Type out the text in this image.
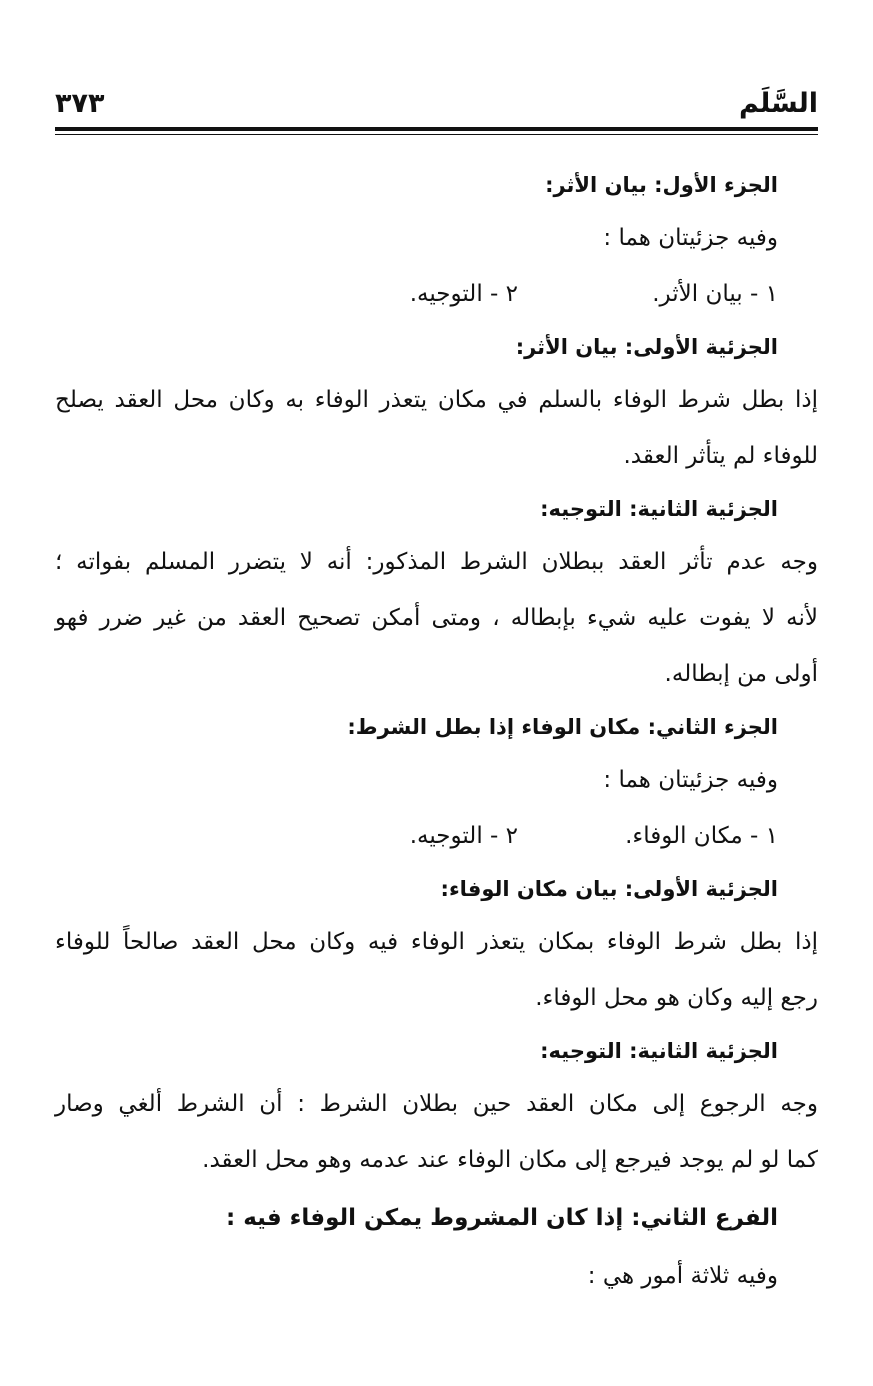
السَّلَم
٣٧٣
الجزء الأول: بيان الأثر:
وفيه جزئيتان هما :
١ - بيان الأثر.
٢ - التوجيه.
الجزئية الأولى: بيان الأثر:
إذا بطل شرط الوفاء بالسلم في مكان يتعذر الوفاء به وكان محل العقد يصلح
للوفاء لم يتأثر العقد.
الجزئية الثانية: التوجيه:
وجه عدم تأثر العقد ببطلان الشرط المذكور: أنه لا يتضرر المسلم بفواته ؛
لأنه لا يفوت عليه شيء بإبطاله ، ومتى أمكن تصحيح العقد من غير ضرر فهو
أولى من إبطاله.
الجزء الثاني: مكان الوفاء إذا بطل الشرط:
وفيه جزئيتان هما :
١ - مكان الوفاء.
٢ - التوجيه.
الجزئية الأولى: بيان مكان الوفاء:
إذا بطل شرط الوفاء بمكان يتعذر الوفاء فيه وكان محل العقد صالحاً للوفاء
رجع إليه وكان هو محل الوفاء.
الجزئية الثانية: التوجيه:
وجه الرجوع إلى مكان العقد حين بطلان الشرط : أن الشرط ألغي وصار
كما لو لم يوجد فيرجع إلى مكان الوفاء عند عدمه وهو محل العقد.
الفرع الثاني: إذا كان المشروط يمكن الوفاء فيه :
وفيه ثلاثة أمور هي :
